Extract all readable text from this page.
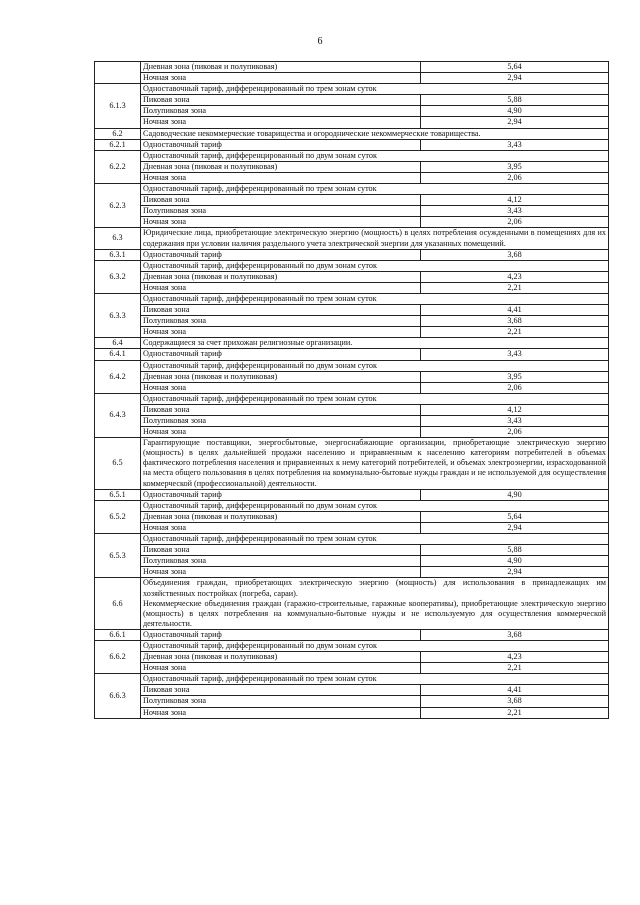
6
	Дневная зона (пиковая и полупиковая)	5,64
	Ночная зона	2,94
6.1.3	Одноставочный тариф, дифференцированный по трем зонам суток	
	Пиковая зона	5,88
	Полупиковая зона	4,90
	Ночная зона	2,94
6.2	Садоводческие некоммерческие товарищества и огороднические некоммерческие товарищества.	
6.2.1	Одноставочный тариф	3,43
6.2.2	Одноставочный тариф, дифференцированный по двум зонам суток	
	Дневная зона (пиковая и полупиковая)	3,95
	Ночная зона	2,06
6.2.3	Одноставочный тариф, дифференцированный по трем зонам суток	
	Пиковая зона	4,12
	Полупиковая зона	3,43
	Ночная зона	2,06
6.3	Юридические лица, приобретающие электрическую энергию (мощность) в целях потребления осужденными в помещениях для их содержания при условии наличия раздельного учета электрической энергии для указанных помещений.	
6.3.1	Одноставочный тариф	3,68
6.3.2	Одноставочный тариф, дифференцированный по двум зонам суток	
	Дневная зона (пиковая и полупиковая)	4,23
	Ночная зона	2,21
6.3.3	Одноставочный тариф, дифференцированный по трем зонам суток	
	Пиковая зона	4,41
	Полупиковая зона	3,68
	Ночная зона	2,21
6.4	Содержащиеся за счет прихожан религиозные организации.	
6.4.1	Одноставочный тариф	3,43
6.4.2	Одноставочный тариф, дифференцированный по двум зонам суток	
	Дневная зона (пиковая и полупиковая)	3,95
	Ночная зона	2,06
6.4.3	Одноставочный тариф, дифференцированный по трем зонам суток	
	Пиковая зона	4,12
	Полупиковая зона	3,43
	Ночная зона	2,06
6.5	Гарантирующие поставщики, энергосбытовые, энергоснабжающие организации, приобретающие электрическую энергию (мощность) в целях дальнейшей продажи населению и приравненным к населению категориям потребителей в объемах фактического потребления населения и приравненных к нему категорий потребителей, и объемах электроэнергии, израсходованной на места общего пользования в целях потребления на коммунально-бытовые нужды граждан и не используемой для осуществления коммерческой (профессиональной) деятельности.	
6.5.1	Одноставочный тариф	4,90
6.5.2	Одноставочный тариф, дифференцированный по двум зонам суток	
	Дневная зона (пиковая и полупиковая)	5,64
	Ночная зона	2,94
6.5.3	Одноставочный тариф, дифференцированный по трем зонам суток	
	Пиковая зона	5,88
	Полупиковая зона	4,90
	Ночная зона	2,94
6.6	Объединения граждан, приобретающих электрическую энергию (мощность) для использования в принадлежащих им хозяйственных постройках (погреба, сараи).
Некоммерческие объединения граждан (гаражно-строительные, гаражные кооперативы), приобретающие электрическую энергию (мощность) в целях потребления на коммунально-бытовые нужды и не используемую для осуществления коммерческой деятельности.	

6.6.1	Одноставочный тариф	3,68
6.6.2	Одноставочный тариф, дифференцированный по двум зонам суток	
	Дневная зона (пиковая и полупиковая)	4,23
	Ночная зона	2,21
6.6.3	Одноставочный тариф, дифференцированный по трем зонам суток	
	Пиковая зона	4,41
	Полупиковая зона	3,68
	Ночная зона	2,21
